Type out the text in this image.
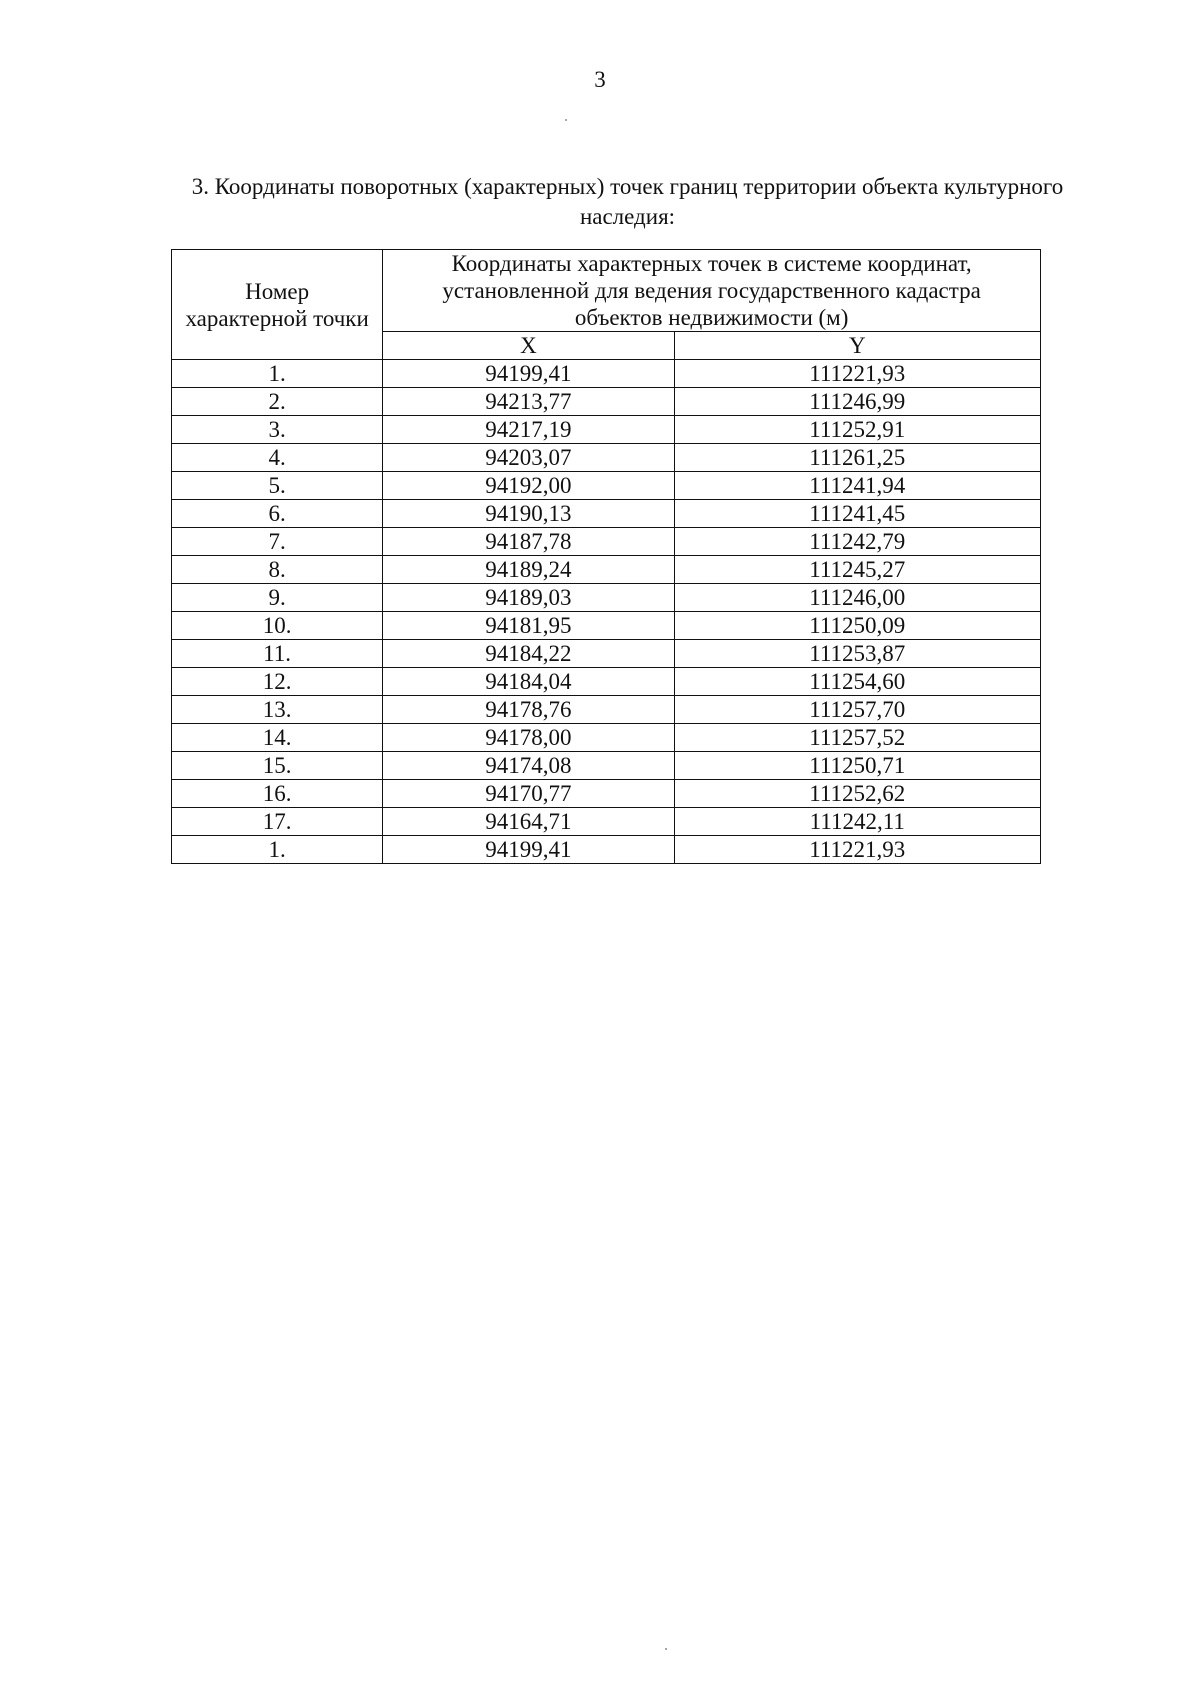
3
3. Координаты поворотных (характерных) точек границ территории объекта культурного наследия:
Номер
характерной точки	Координаты характерных точек в системе координат,
установленной для ведения государственного кадастра
объектов недвижимости (м)	

	X	Y
1.	94199,41	111221,93
2.	94213,77	111246,99
3.	94217,19	111252,91
4.	94203,07	111261,25
5.	94192,00	111241,94
6.	94190,13	111241,45
7.	94187,78	111242,79
8.	94189,24	111245,27
9.	94189,03	111246,00
10.	94181,95	111250,09
11.	94184,22	111253,87
12.	94184,04	111254,60
13.	94178,76	111257,70
14.	94178,00	111257,52
15.	94174,08	111250,71
16.	94170,77	111252,62
17.	94164,71	111242,11
1.	94199,41	111221,93
